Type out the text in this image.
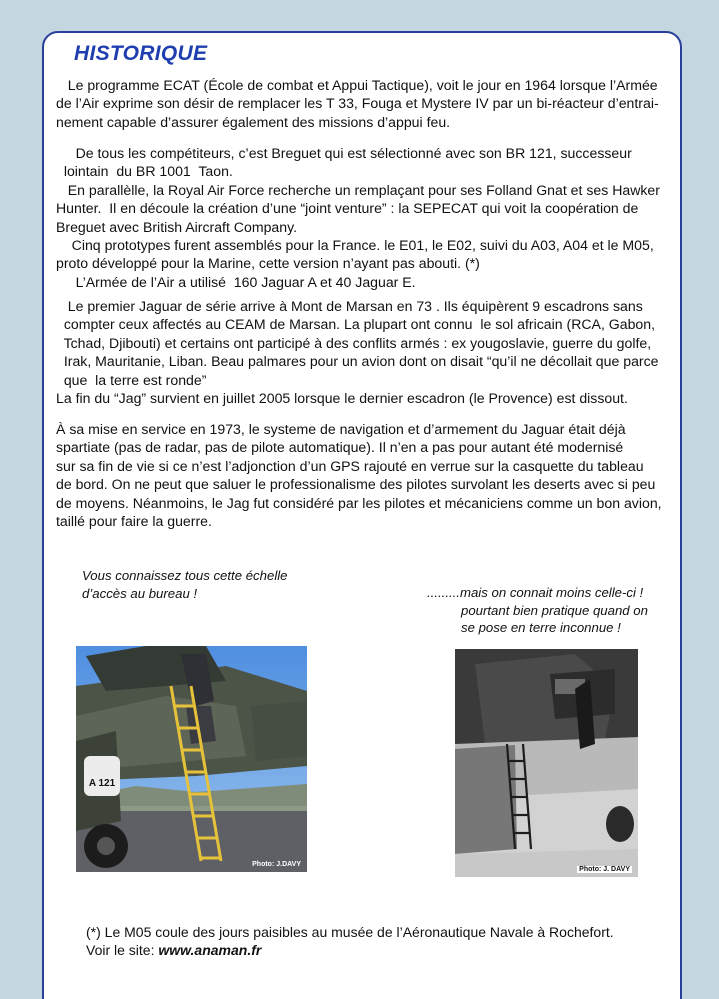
HISTORIQUE
Le programme ECAT (École de combat et Appui Tactique), voit le jour en 1964 lorsque l’Armée
de l’Air exprime son désir de remplacer les T 33, Fouga et Mystere IV par un bi-réacteur d’entrai-
nement capable d’assurer également des missions d’appui feu.
De tous les compétiteurs, c’est Breguet qui est sélectionné avec son BR 121, successeur
lointain  du BR 1001  Taon.
En parallèlle, la Royal Air Force recherche un remplaçant pour ses Folland Gnat et ses Hawker
Hunter.  Il en découle la création d’une “joint venture” : la SEPECAT qui voit la coopération de
Breguet avec British Aircraft Company.
Cinq prototypes furent assemblés pour la France. le E01, le E02, suivi du A03, A04 et le M05,
proto développé pour la Marine, cette version n’ayant pas abouti. (*)
L’Armée de l’Air a utilisé  160 Jaguar A et 40 Jaguar E.
Le premier Jaguar de série arrive à Mont de Marsan en 73 . Ils équipèrent 9 escadrons sans
compter ceux affectés au CEAM de Marsan. La plupart ont connu  le sol africain (RCA, Gabon,
Tchad, Djibouti) et certains ont participé à des conflits armés : ex yougoslavie, guerre du golfe,
Irak, Mauritanie, Liban. Beau palmares pour un avion dont on disait “qu’il ne décollait que parce
que  la terre est ronde”
La fin du “Jag” survient en juillet 2005 lorsque le dernier escadron (le Provence) est dissout.
À sa mise en service en 1973, le systeme de navigation et d’armement du Jaguar était déjà
spartiate (pas de radar, pas de pilote automatique). Il n’en a pas pour autant été modernisé
sur sa fin de vie si ce n’est l’adjonction d’un GPS rajouté en verrue sur la casquette du tableau
de bord. On ne peut que saluer le professionalisme des pilotes survolant les deserts avec si peu
de moyens. Néanmoins, le Jag fut considéré par les pilotes et mécaniciens comme un bon avion,
taillé pour faire la guerre.
Vous connaissez tous cette échelle
d’accès au bureau !	.........mais on connait moins celle-ci !
pourtant bien pratique quand on
se pose en terre inconnue !
A 121
Photo: J.DAVY
Photo: J. DAVY
(*) Le M05 coule des jours paisibles au musée de l’Aéronautique Navale à Rochefort.
Voir le site: www.anaman.fr
